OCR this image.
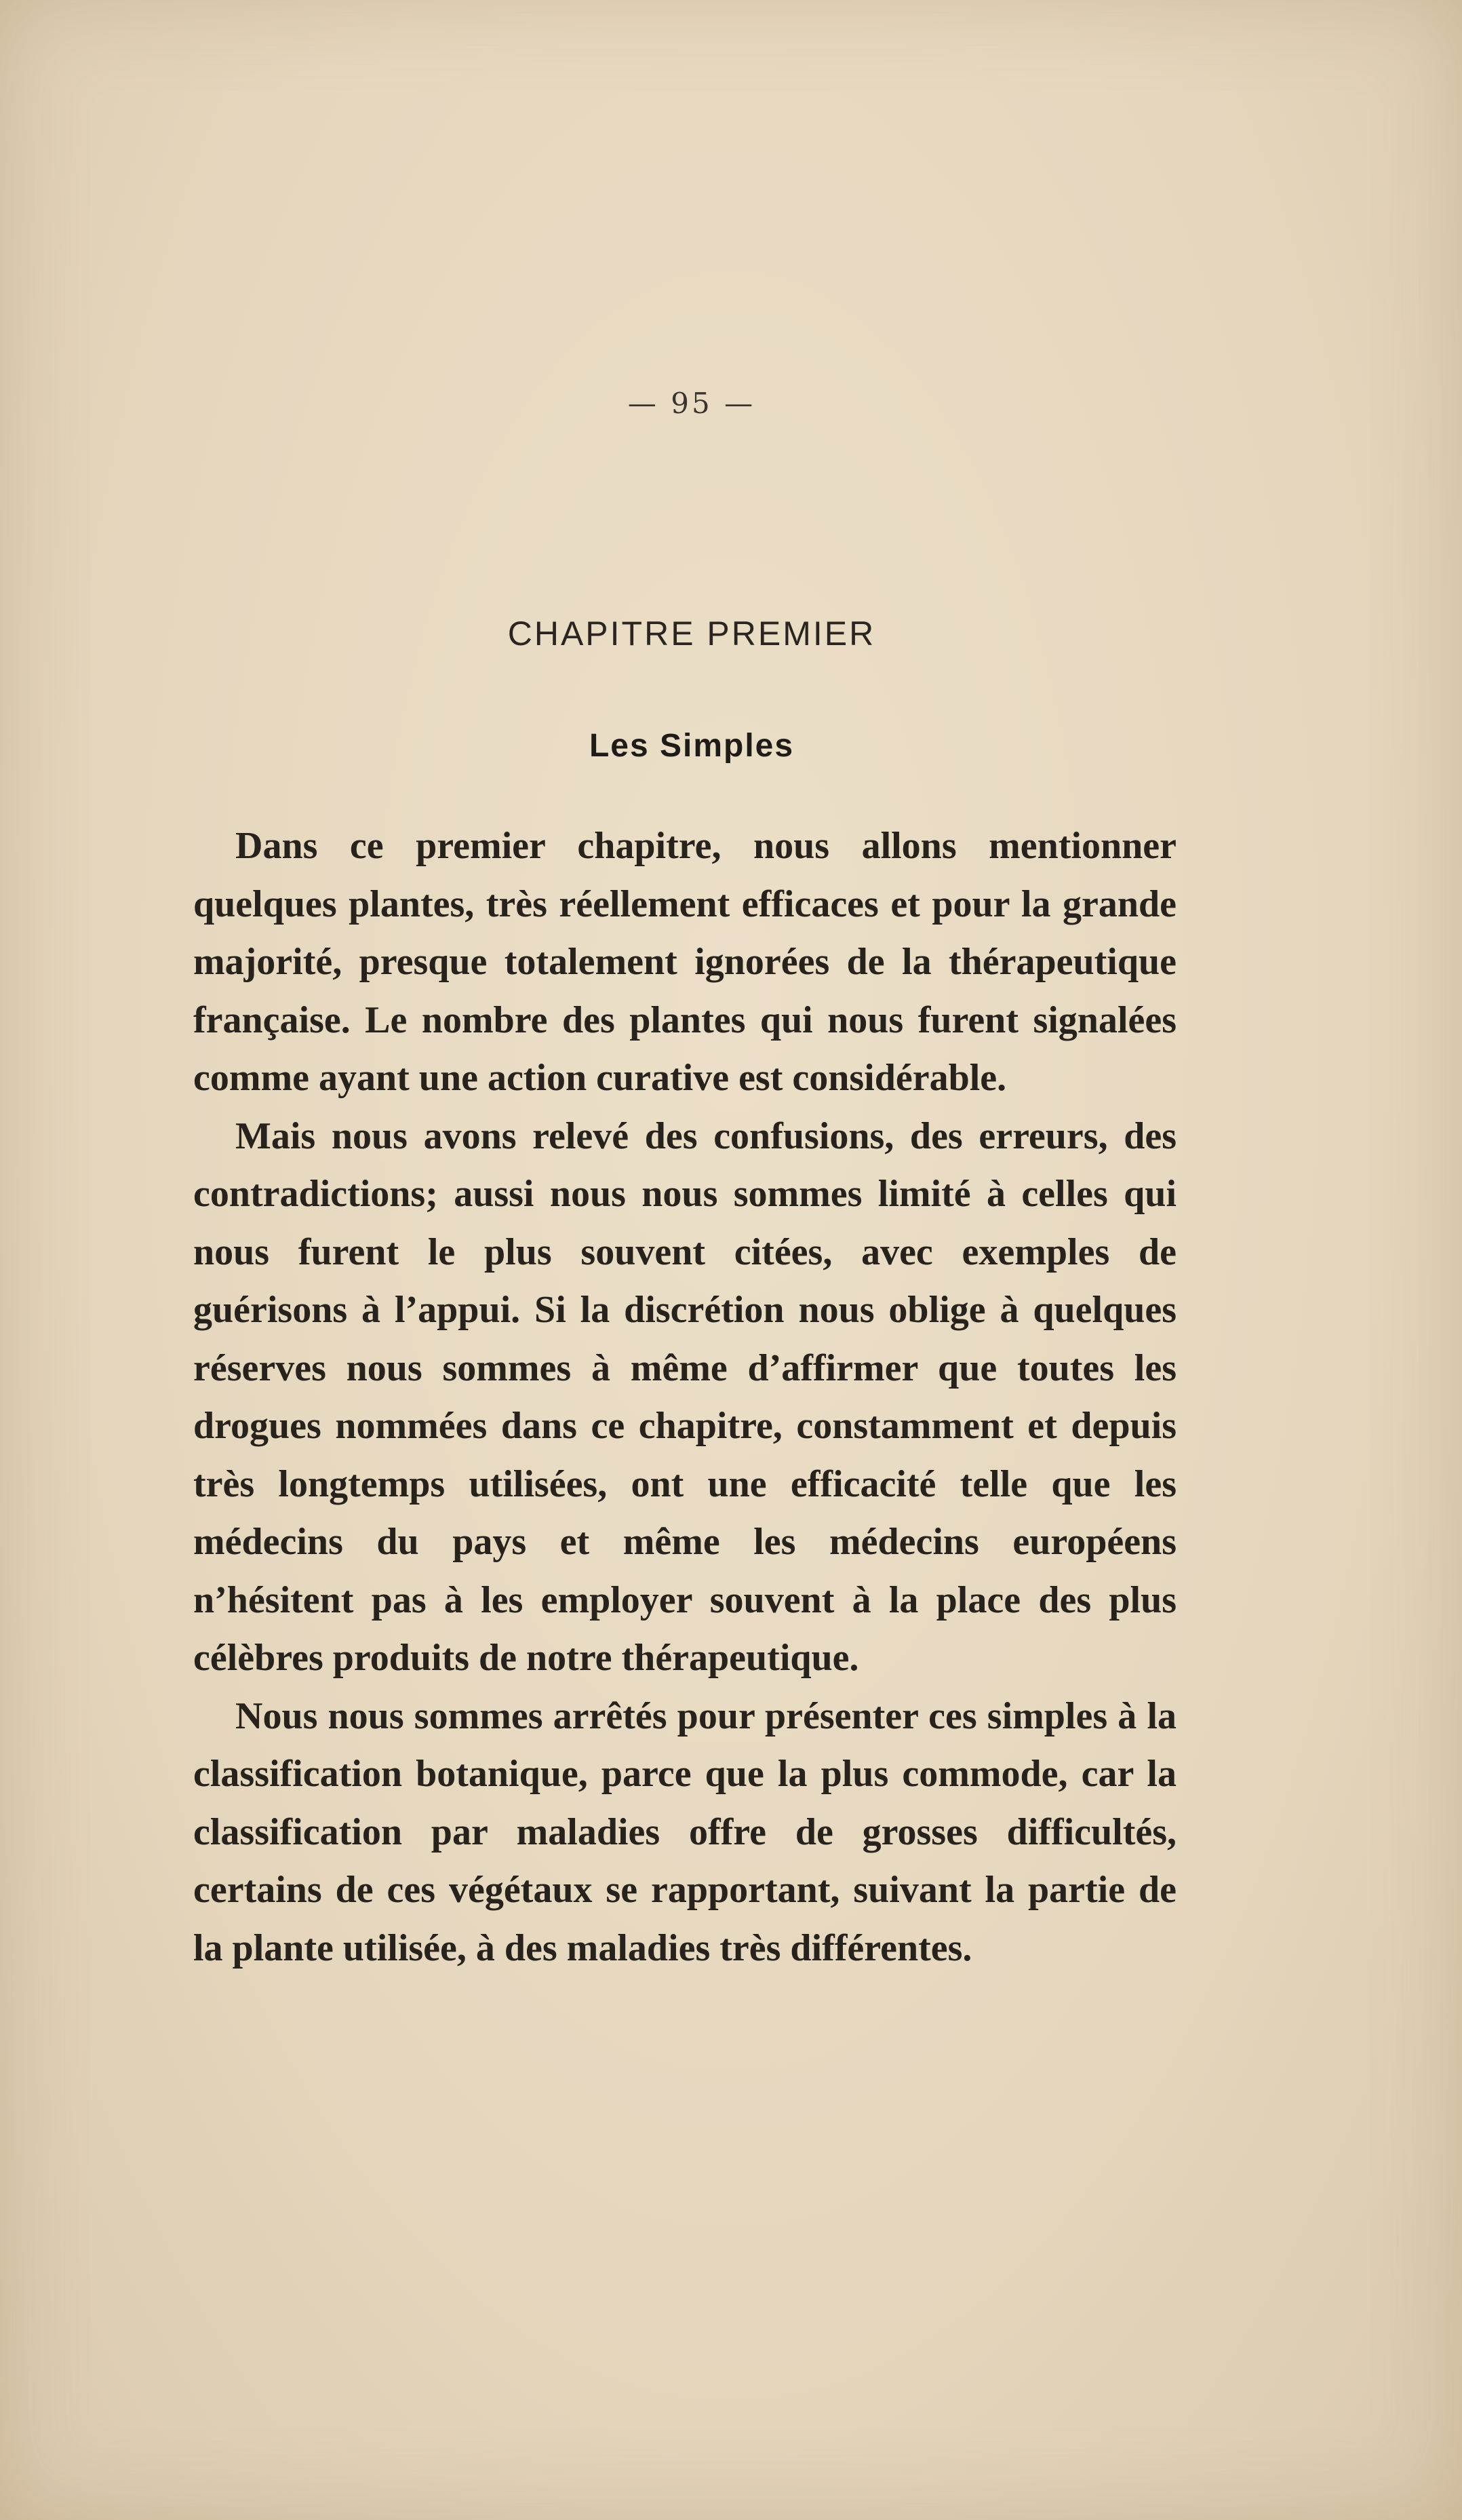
— 95 —
CHAPITRE PREMIER
Les Simples

Dans ce premier chapitre, nous allons mentionner quelques plantes, très réellement efficaces et pour la grande majorité, presque totalement ignorées de la thérapeutique française. Le nombre des plantes qui nous furent signalées comme ayant une action curative est considérable.

Mais nous avons relevé des confusions, des erreurs, des contradictions; aussi nous nous sommes limité à celles qui nous furent le plus souvent citées, avec exemples de guérisons à l’appui. Si la discrétion nous oblige à quelques réserves nous sommes à même d’affirmer que toutes les drogues nommées dans ce chapitre, constamment et depuis très longtemps utilisées, ont une efficacité telle que les médecins du pays et même les médecins européens n’hésitent pas à les employer souvent à la place des plus célèbres produits de notre thérapeutique.

Nous nous sommes arrêtés pour présenter ces simples à la classification botanique, parce que la plus commode, car la classification par maladies offre de grosses difficultés, certains de ces végétaux se rapportant, suivant la partie de la plante utilisée, à des maladies très différentes.
